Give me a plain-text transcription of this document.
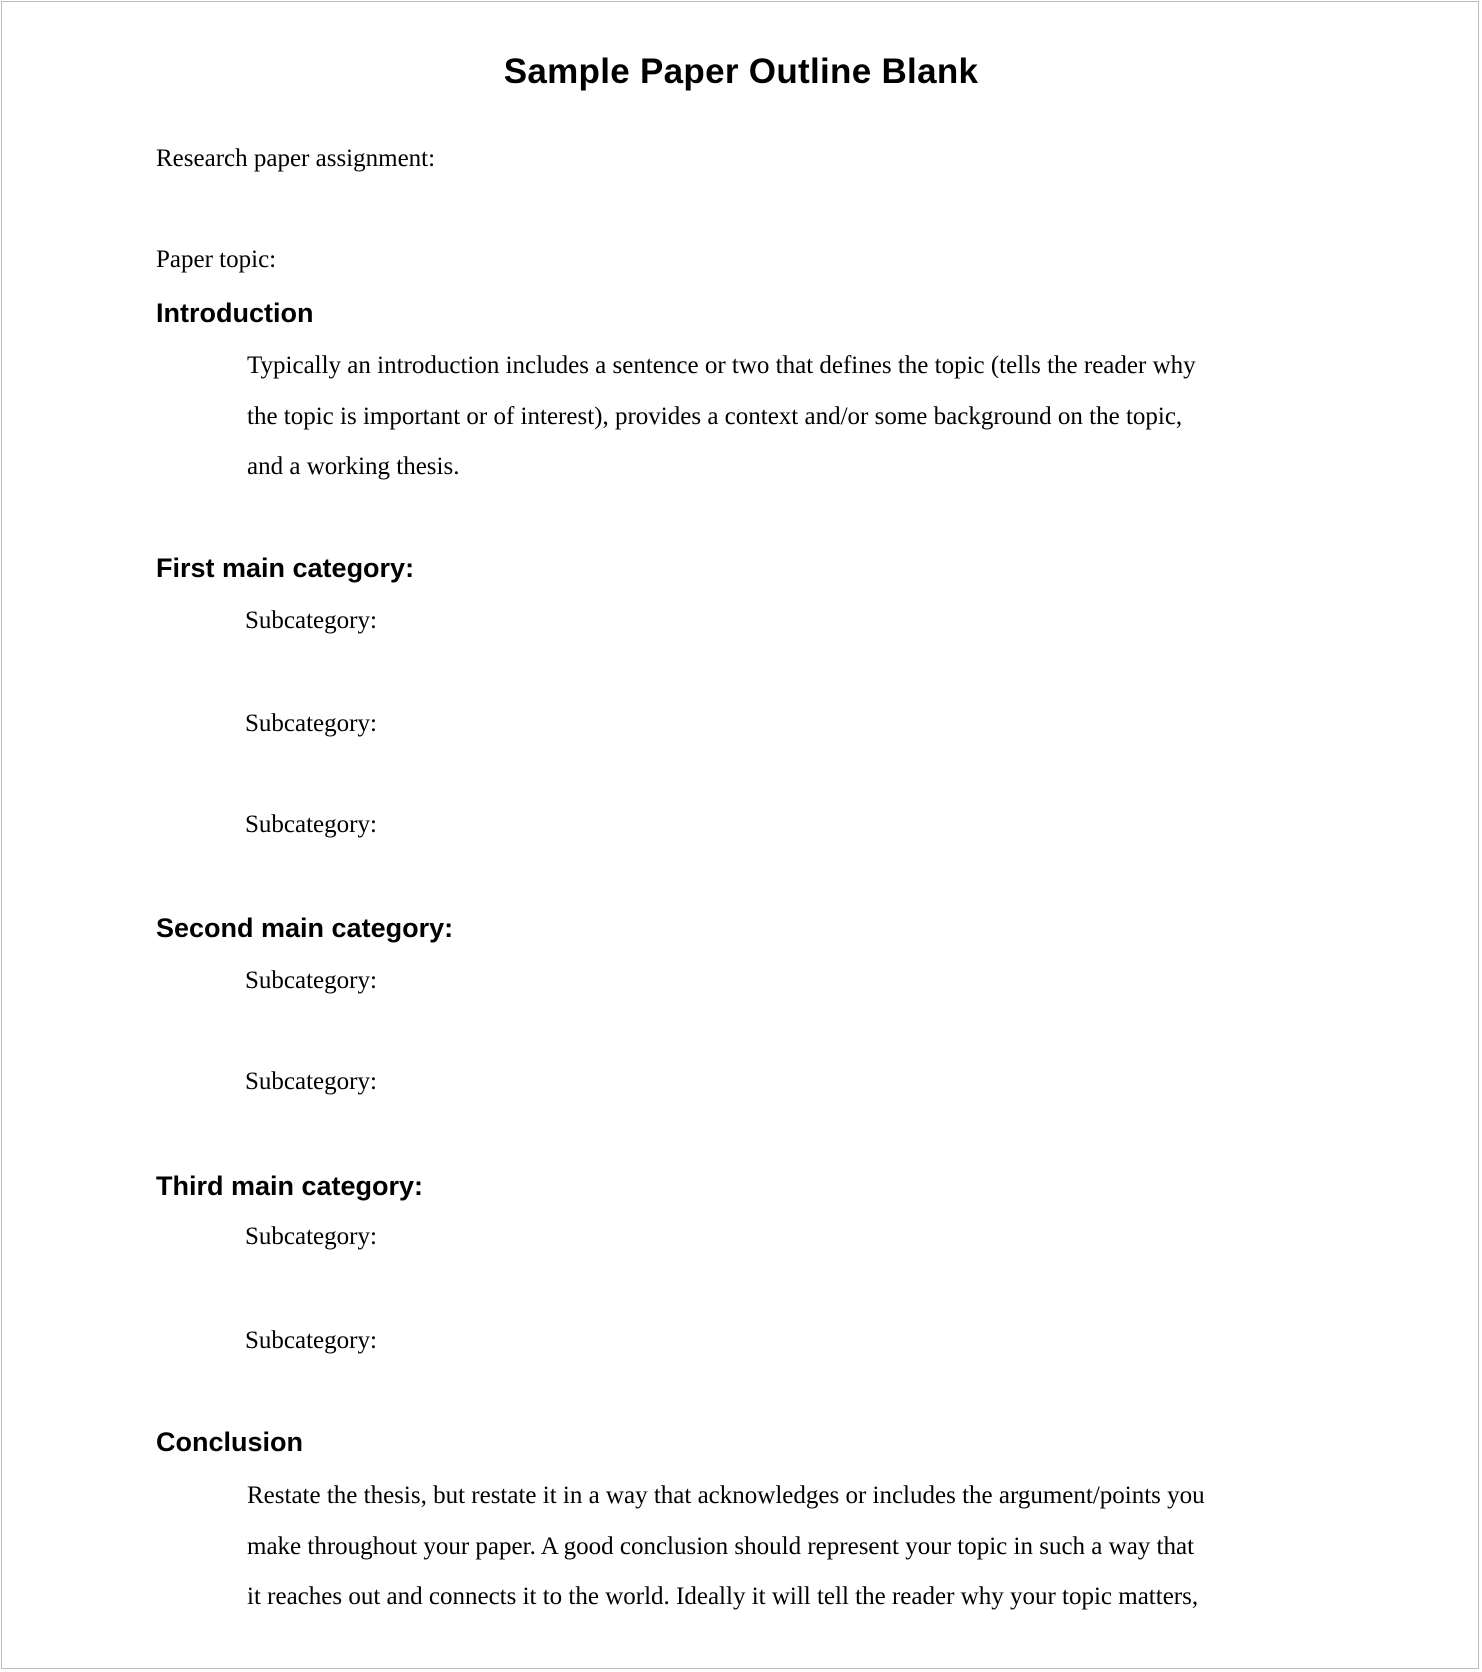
Sample Paper Outline Blank
Research paper assignment:
Paper topic:
Introduction
Typically an introduction includes a sentence or two that defines the topic (tells the reader why
the topic is important or of interest), provides a context and/or some background on the topic,
and a working thesis.
First main category:
Subcategory:
Subcategory:
Subcategory:
Second main category:
Subcategory:
Subcategory:
Third main category:
Subcategory:
Subcategory:
Conclusion
Restate the thesis, but restate it in a way that acknowledges or includes the argument/points you
make throughout your paper. A good conclusion should represent your topic in such a way that
it reaches out and connects it to the world. Ideally it will tell the reader why your topic matters,
